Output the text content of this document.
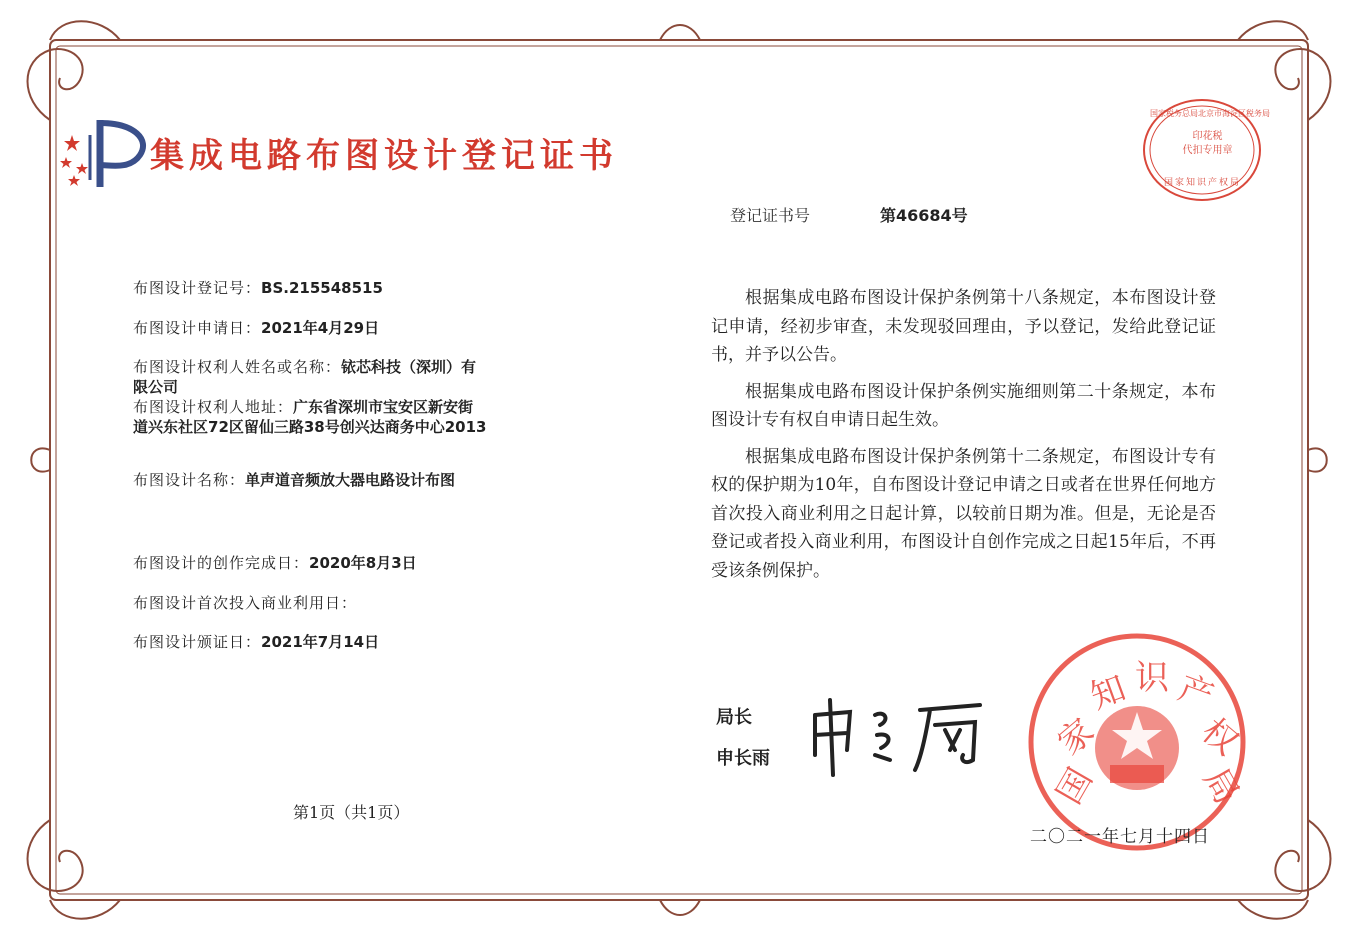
集成电路布图设计登记证书	印花税
代扣专用章
国家税务总局北京市海淀区税务局
国家知识产权局
登记证书号	第46684号
布图设计登记号：BS.215548515
布图设计申请日：2021年4月29日
布图设计权利人姓名或名称：铱芯科技（深圳）有
限公司
布图设计权利人地址：广东省深圳市宝安区新安街
道兴东社区72区留仙三路38号创兴达商务中心2013
布图设计名称：单声道音频放大器电路设计布图
布图设计的创作完成日：2020年8月3日
布图设计首次投入商业利用日：
布图设计颁证日：2021年7月14日

根据集成电路布图设计保护条例第十八条规定，本布图设计登记申请，经初步审查，未发现驳回理由，予以登记，发给此登记证书，并予以公告。

根据集成电路布图设计保护条例实施细则第二十条规定，本布图设计专有权自申请日起生效。

根据集成电路布图设计保护条例第十二条规定，布图设计专有权的保护期为10年，自布图设计登记申请之日或者在世界任何地方首次投入商业利用之日起计算，以较前日期为准。但是，无论是否登记或者投入商业利用，布图设计自创作完成之日起15年后，不再受该条例保护。

局长
申长雨
国
家
知 识 产
权
局
第1页（共1页）
二〇二一年七月十四日
